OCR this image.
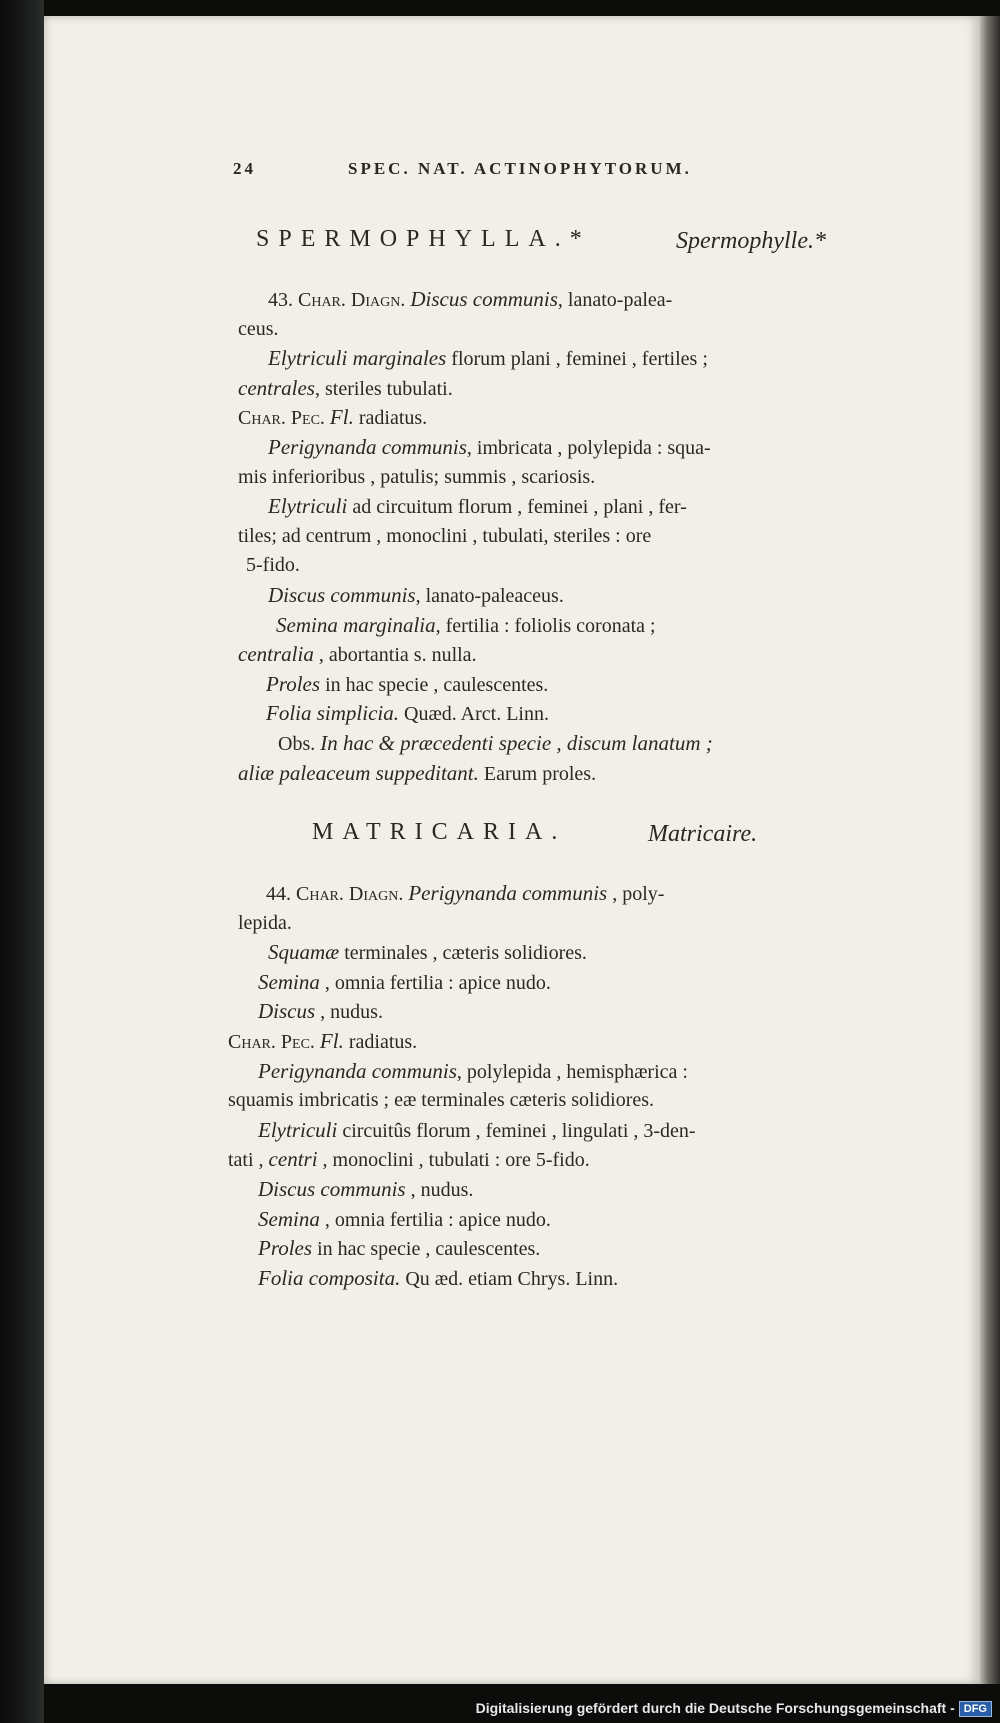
24	SPEC. NAT. ACTINOPHYTORUM.
SPERMOPHYLLA.*	Spermophylle.*
43. Char. Diagn. Discus communis, lanato-palea-
ceus.
Elytriculi marginales florum plani , feminei , fertiles ;
centrales, steriles tubulati.
Char. Pec. Fl. radiatus.
Perigynanda communis, imbricata , polylepida : squa-
mis inferioribus , patulis; summis , scariosis.
Elytriculi ad circuitum florum , feminei , plani , fer-
tiles; ad centrum , monoclini , tubulati, steriles : ore
5-fido.
Discus communis, lanato-paleaceus.
Semina marginalia, fertilia : foliolis coronata ;
centralia , abortantia s. nulla.
Proles in hac specie , caulescentes.
Folia simplicia. Quæd. Arct. Linn.
Obs. In hac & præcedenti specie , discum lanatum ;
aliæ paleaceum suppeditant. Earum proles.
MATRICARIA.	Matricaire.
44. Char. Diagn. Perigynanda communis , poly-
lepida.
Squamæ terminales , cæteris solidiores.
Semina , omnia fertilia : apice nudo.
Discus , nudus.
Char. Pec. Fl. radiatus.
Perigynanda communis, polylepida , hemisphærica :
squamis imbricatis ; eæ terminales cæteris solidiores.
Elytriculi circuitûs florum , feminei , lingulati , 3-den-
tati , centri , monoclini , tubulati : ore 5-fido.
Discus communis , nudus.
Semina , omnia fertilia : apice nudo.
Proles in hac specie , caulescentes.
Folia composita. Qu æd. etiam Chrys. Linn.
Digitalisierung gefördert durch die Deutsche Forschungsgemeinschaft - DFG
